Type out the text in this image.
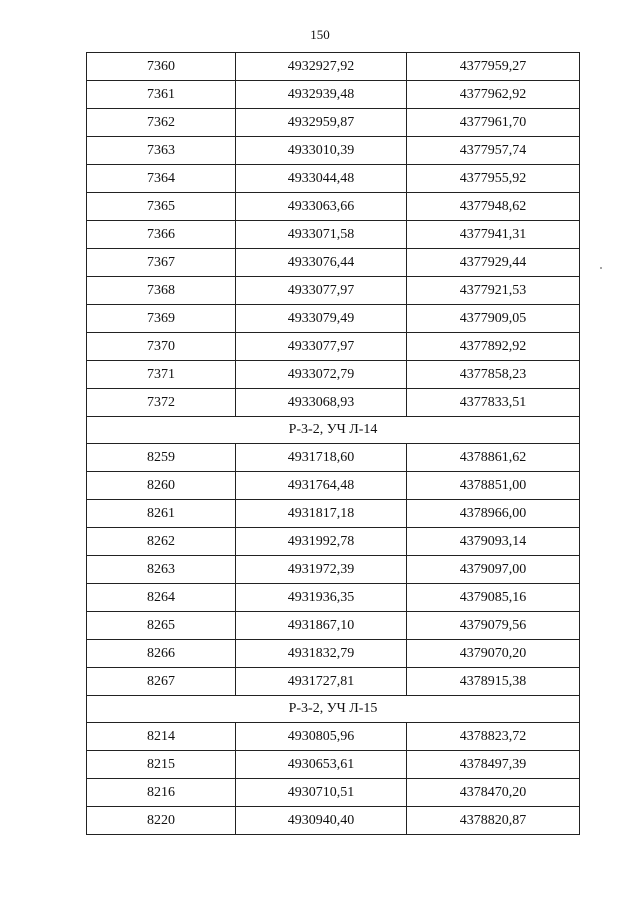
150
7360	4932927,92	4377959,27
7361	4932939,48	4377962,92
7362	4932959,87	4377961,70
7363	4933010,39	4377957,74
7364	4933044,48	4377955,92
7365	4933063,66	4377948,62
7366	4933071,58	4377941,31
7367	4933076,44	4377929,44
7368	4933077,97	4377921,53
7369	4933079,49	4377909,05
7370	4933077,97	4377892,92
7371	4933072,79	4377858,23
7372	4933068,93	4377833,51
Р-3-2, УЧ Л-14		
8259	4931718,60	4378861,62
8260	4931764,48	4378851,00
8261	4931817,18	4378966,00
8262	4931992,78	4379093,14
8263	4931972,39	4379097,00
8264	4931936,35	4379085,16
8265	4931867,10	4379079,56
8266	4931832,79	4379070,20
8267	4931727,81	4378915,38
Р-3-2, УЧ Л-15		
8214	4930805,96	4378823,72
8215	4930653,61	4378497,39
8216	4930710,51	4378470,20
8220	4930940,40	4378820,87
